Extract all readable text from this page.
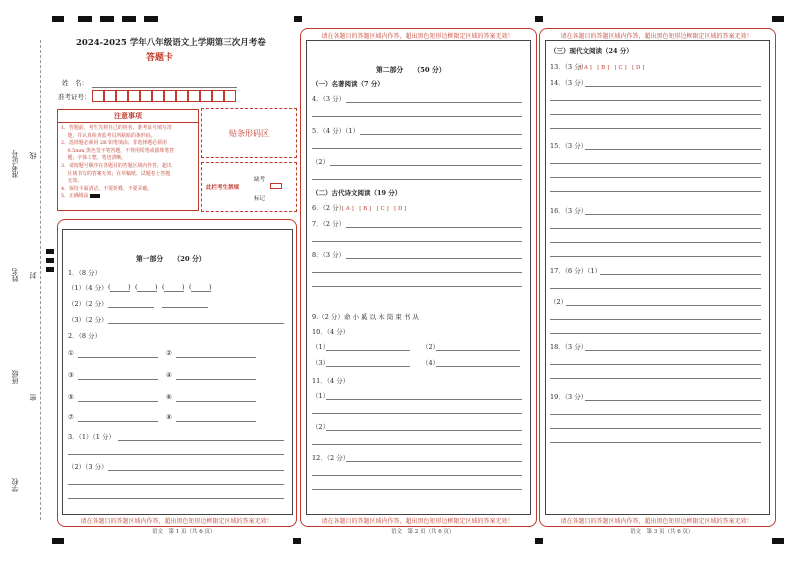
准考证号 线
姓名 封
班级
密
学校
2024-2025 学年八年级语文上学期第三次月考卷
答题卡
姓　名：
准考证号：
注意事项
1．答题前，考生先将自己的姓名，准考证号填写清
　 楚，并认真检查监考员所粘贴的条形码。
2．选择题必须用 2B 铅笔填涂；非选择题必须用
　 0.5mm 黑色签字笔答题，不得用铅笔或圆珠笔答
　 题；字体工整、笔迹清晰。
3．请按题号顺序在各题目的答题区域内作答，超出
　 区域书写的答案无效；在草稿纸、试题卷上答题
　 无效。
4．保持卡面清洁，不要折叠、不要弄破。
5．正确填涂
贴条形码区
此栏考生禁填
缺考
标记
请在各题目的答题区域内作答，超出黑色矩形边框限定区域的答案无效！
语文　第 1 页（共 6 页）
第一部分　　（20 分）
1．（8 分）
（1）（4 分） (	) (	) (	) (	)
（2）（2 分）
（3）（2 分）
2．（8 分）
①	②
③	④
⑤	⑥
⑦	⑧
3．（1）（1 分）
（2）（3 分）
请在各题目的答题区域内作答，超出黑色矩形边框限定区域的答案无效！
请在各题目的答题区域内作答，超出黑色矩形边框限定区域的答案无效！
语文　第 2 页（共 6 页）
第二部分　　（50 分）
（一）名著阅读（7 分）
4．（3 分）
5．（4 分）（1）
（2）
（二）古代诗文阅读（19 分）
6．（2 分）
[ A ]　[ B ]　[ C ]　[ D ]
7．（2 分）
8．（3 分）
9.（2 分）命 小 奚 以 木 筒 束 书 从
10．（4 分）
（1）	（2）
（3）	（4）
11．（4 分）
（1）
（2）
12．（2 分）
请在各题目的答题区域内作答，超出黑色矩形边框限定区域的答案无效！
请在各题目的答题区域内作答，超出黑色矩形边框限定区域的答案无效！
语文　第 3 页（共 6 页）
（三）现代文阅读（24 分）
13．（3 分）
[ A ]　[ B ]　[ C ]　[ D ]
14．（3 分）
15．（3 分）
16．（3 分）
17．（6 分）（1）
（2）
18．（3 分）
19．（3 分）
